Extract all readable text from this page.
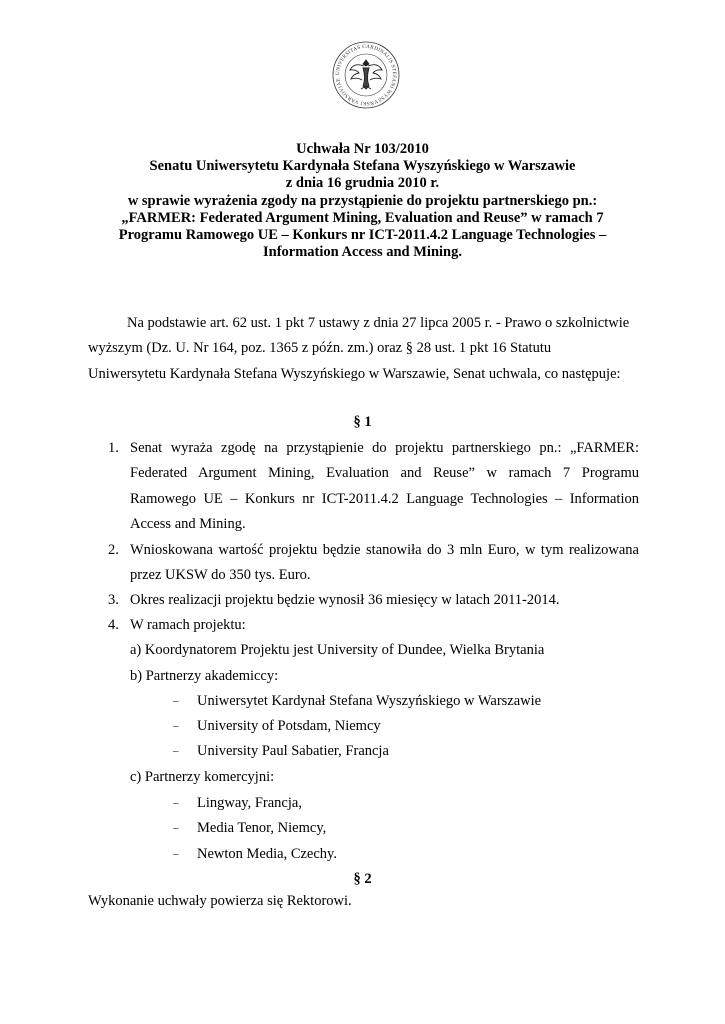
UNIVERSITAS CARDINALIS STEFANI WYSZYŃSKI VARSOVIAE
Uchwała Nr 103/2010
Senatu Uniwersytetu Kardynała Stefana Wyszyńskiego w Warszawie
z dnia 16 grudnia 2010 r.
w sprawie wyrażenia zgody na przystąpienie do projektu partnerskiego pn.:
„FARMER: Federated Argument Mining, Evaluation and Reuse” w ramach 7
Programu Ramowego UE – Konkurs nr ICT-2011.4.2 Language Technologies –
Information Access and Mining.
Na podstawie art. 62 ust. 1 pkt 7 ustawy z dnia 27 lipca 2005 r. - Prawo o szkolnictwie
wyższym (Dz. U. Nr 164, poz. 1365 z późn. zm.) oraz § 28 ust. 1 pkt 16 Statutu
Uniwersytetu Kardynała Stefana Wyszyńskiego w Warszawie, Senat uchwala, co następuje:
§ 1
1. Senat wyraża zgodę na przystąpienie do projektu partnerskiego pn.: „FARMER:
Federated Argument Mining, Evaluation and Reuse” w ramach 7 Programu
Ramowego UE – Konkurs nr ICT-2011.4.2 Language Technologies – Information
Access and Mining.
2. Wnioskowana wartość projektu będzie stanowiła do 3 mln Euro, w tym realizowana
przez UKSW do 350 tys. Euro.
3. Okres realizacji projektu będzie wynosił 36 miesięcy w latach 2011-2014.
4. W ramach projektu:
a) Koordynatorem Projektu jest University of Dundee, Wielka Brytania
b) Partnerzy akademiccy:
– Uniwersytet Kardynał Stefana Wyszyńskiego w Warszawie
– University of Potsdam, Niemcy
– University Paul Sabatier, Francja
c) Partnerzy komercyjni:
– Lingway, Francja,
– Media Tenor, Niemcy,
– Newton Media, Czechy.
§ 2
Wykonanie uchwały powierza się Rektorowi.
